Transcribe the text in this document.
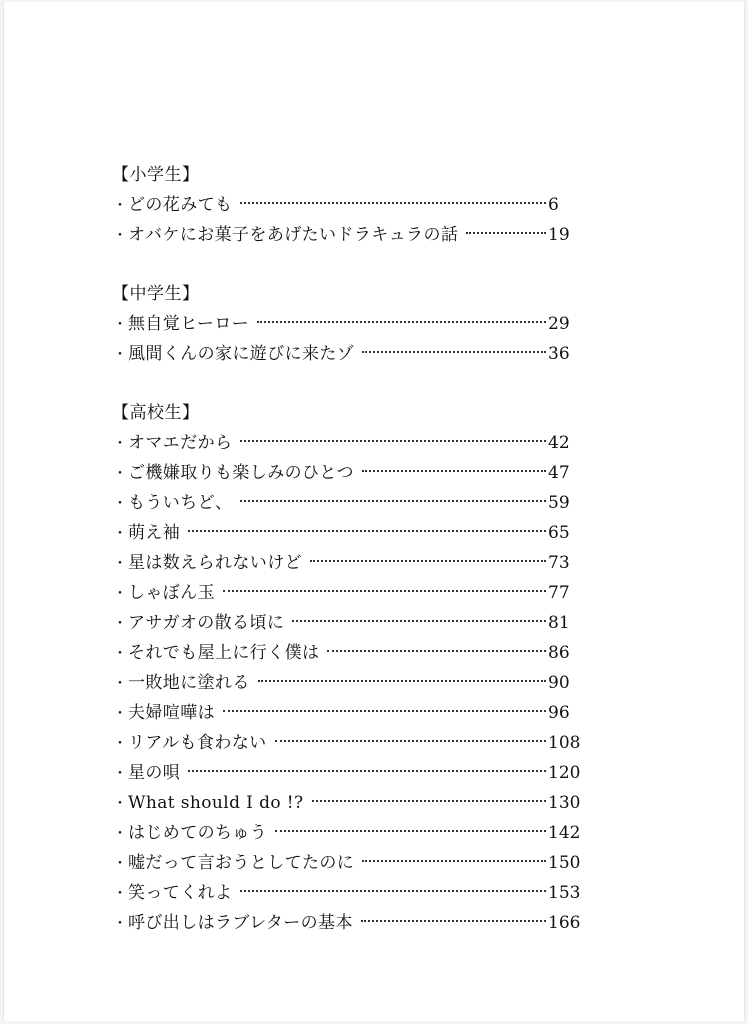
【小学生】
・ どの花みても	6
・ オバケにお菓子をあげたいドラキュラの話	19
【中学生】
・ 無自覚ヒーロー	29
・ 風間くんの家に遊びに来たゾ	36
【高校生】
・ オマエだから	42
・ ご機嫌取りも楽しみのひとつ	47
・ もういちど、	59
・ 萌え袖	65
・ 星は数えられないけど	73
・ しゃぼん玉	77
・ アサガオの散る頃に	81
・ それでも屋上に行く僕は	86
・ 一敗地に塗れる	90
・ 夫婦喧嘩は	96
・ リアルも食わない	108
・ 星の唄	120
・ What should I do !?	130
・ はじめてのちゅう	142
・ 嘘だって言おうとしてたのに	150
・ 笑ってくれよ	153
・ 呼び出しはラブレターの基本	166
